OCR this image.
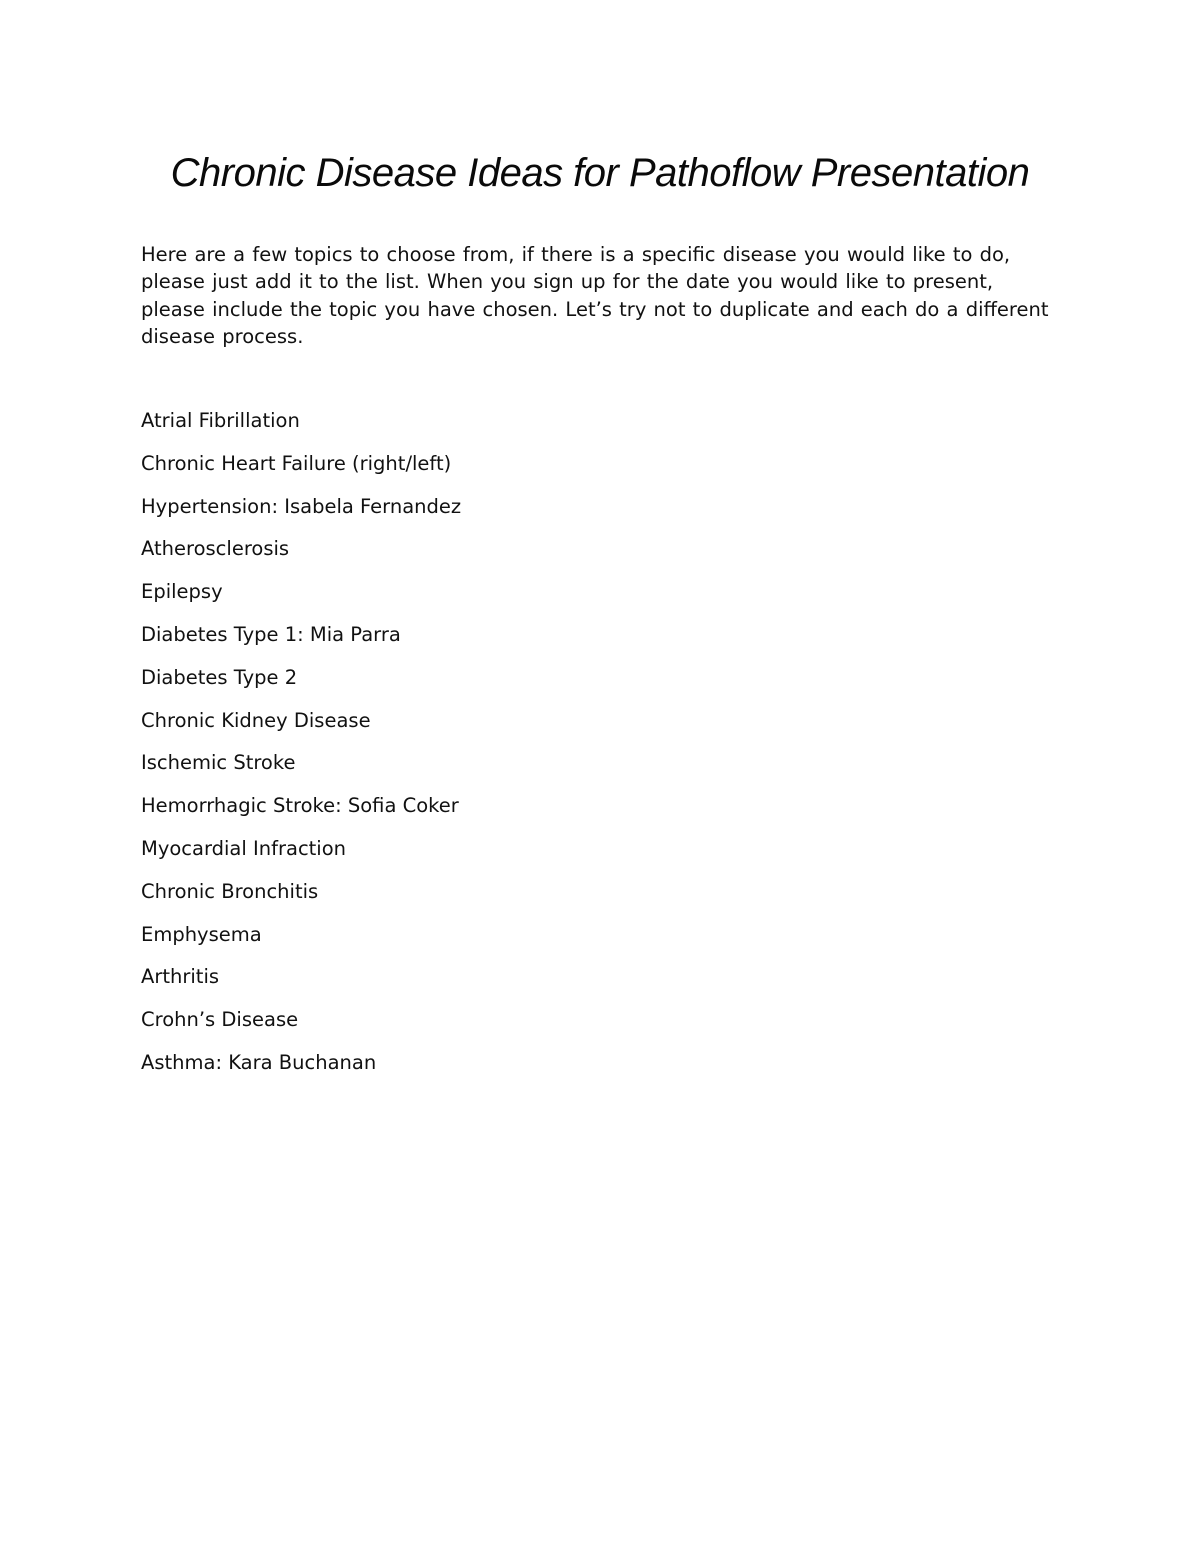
Chronic Disease Ideas for Pathoflow Presentation

Here are a few topics to choose from, if there is a specific disease you would like to do, please just add it to the list. When you sign up for the date you would like to present, please include the topic you have chosen. Let’s try not to duplicate and each do a different disease process.

Atrial Fibrillation
Chronic Heart Failure (right/left)
Hypertension: Isabela Fernandez
Atherosclerosis
Epilepsy
Diabetes Type 1: Mia Parra
Diabetes Type 2
Chronic Kidney Disease
Ischemic Stroke
Hemorrhagic Stroke: Sofia Coker
Myocardial Infraction
Chronic Bronchitis
Emphysema
Arthritis
Crohn’s Disease
Asthma: Kara Buchanan
